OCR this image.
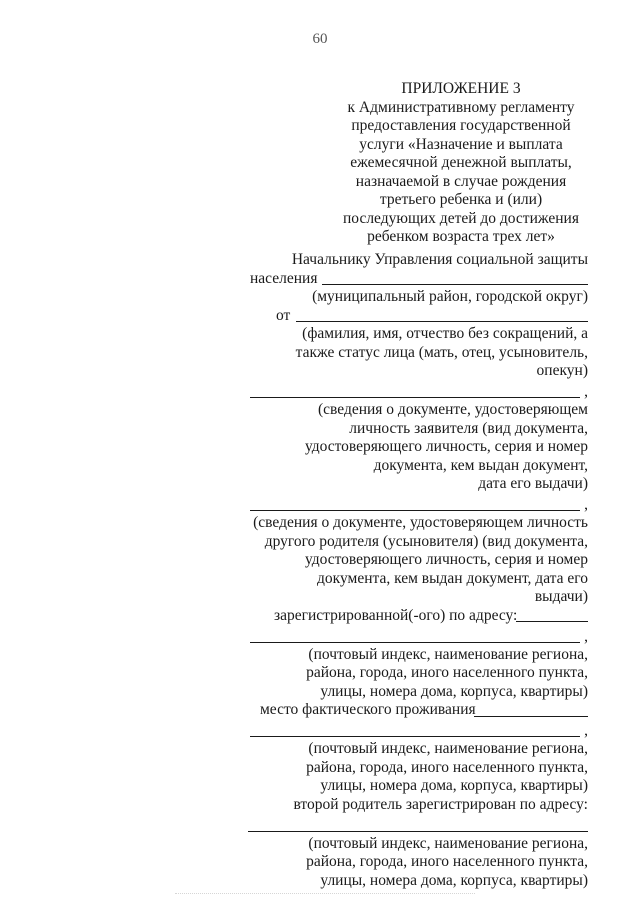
60
ПРИЛОЖЕНИЕ 3
к Административному регламенту
предоставления государственной
услуги «Назначение и выплата
ежемесячной денежной выплаты,
назначаемой в случае рождения
третьего ребенка и (или)
последующих детей до достижения
ребенком возраста трех лет»
Начальнику Управления социальной защиты
населения
(муниципальный район, городской округ)
от
(фамилия, имя, отчество без сокращений, а
также статус лица (мать, отец, усыновитель,
опекун)
,
(сведения о документе, удостоверяющем
личность заявителя (вид документа,
удостоверяющего личность, серия и номер
документа, кем выдан документ,
дата его выдачи)
,
(сведения о документе, удостоверяющем личность
другого родителя (усыновителя) (вид документа,
удостоверяющего личность, серия и номер
документа, кем выдан документ, дата его
выдачи)
зарегистрированной(-ого) по адресу:
,
(почтовый индекс, наименование региона,
района, города, иного населенного пункта,
улицы, номера дома, корпуса, квартиры)
место фактического проживания
,
(почтовый индекс, наименование региона,
района, города, иного населенного пункта,
улицы, номера дома, корпуса, квартиры)
второй родитель зарегистрирован по адресу:
(почтовый индекс, наименование региона,
района, города, иного населенного пункта,
улицы, номера дома, корпуса, квартиры)
